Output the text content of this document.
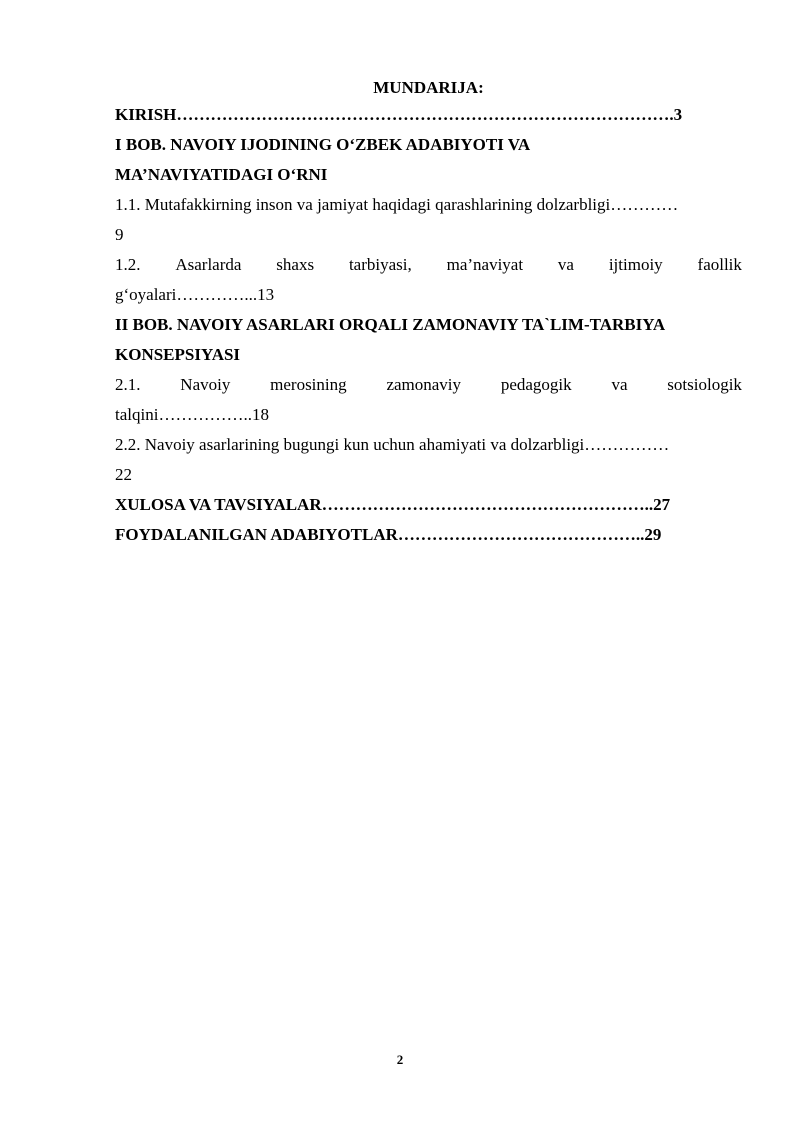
MUNDARIJA:

KIRISH…………………………………………………………………………….3

I BOB. NAVOIY IJODINING O‘ZBEK ADABIYOTI VA

MA’NAVIYATIDAGI O‘RNI

1.1. Mutafakkirning inson va jamiyat haqidagi qarashlarining dolzarbligi…………

9

1.2. Asarlarda shaxs tarbiyasi, ma’naviyat va ijtimoiy faollik

g‘oyalari…………...13

II BOB. NAVOIY ASARLARI ORQALI ZAMONAVIY TA`LIM-TARBIYA

KONSEPSIYASI

2.1. Navoiy merosining zamonaviy pedagogik va sotsiologik

talqini……………..18

2.2. Navoiy asarlarining bugungi kun uchun ahamiyati va dolzarbligi……………

22

XULOSA VA TAVSIYALAR…………………………………………………..27

FOYDALANILGAN ADABIYOTLAR……………………………………..29

2
